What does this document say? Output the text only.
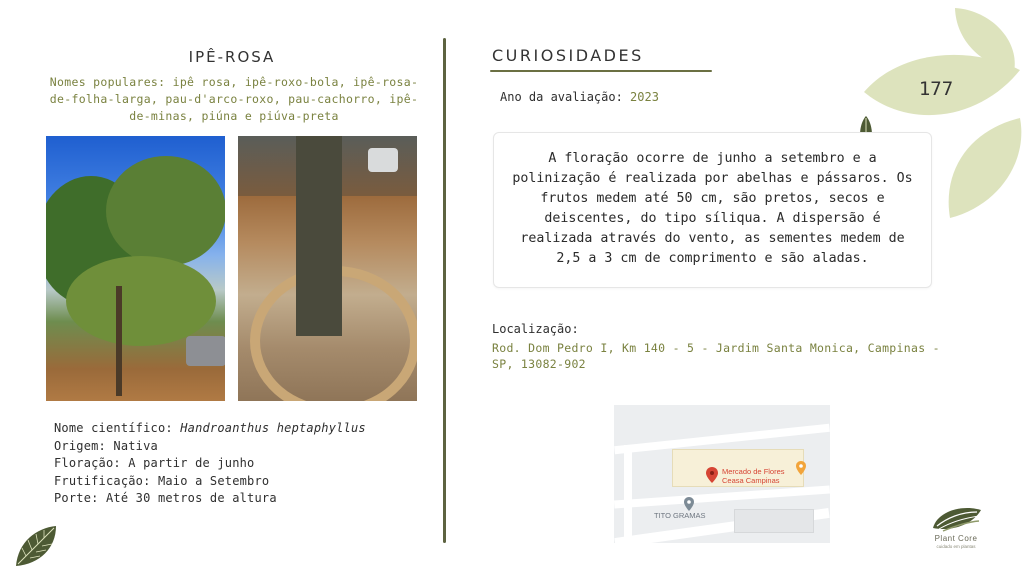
177
IPÊ-ROSA
Nomes populares: ipê rosa, ipê-roxo-bola, ipê-rosa-de-folha-larga, pau-d'arco-roxo, pau-cachorro, ipê-de-minas, piúna e piúva-preta
Nome científico: Handroanthus heptaphyllus
Origem: Nativa
Floração: A partir de junho
Frutificação: Maio a Setembro
Porte: Até 30 metros de altura
CURIOSIDADES
Ano da avaliação: 2023
A floração ocorre de junho a setembro e a polinização é realizada por abelhas e pássaros. Os frutos medem até 50 cm, são pretos, secos e deiscentes, do tipo síliqua. A dispersão é realizada através do vento, as sementes medem de 2,5 a 3 cm de comprimento e são aladas.
Localização:
Rod. Dom Pedro I, Km 140 - 5 - Jardim Santa Monica, Campinas - SP, 13082-902
Mercado de Flores Ceasa Campinas
TITO GRAMAS
Plant Core
cuidado em plantas
